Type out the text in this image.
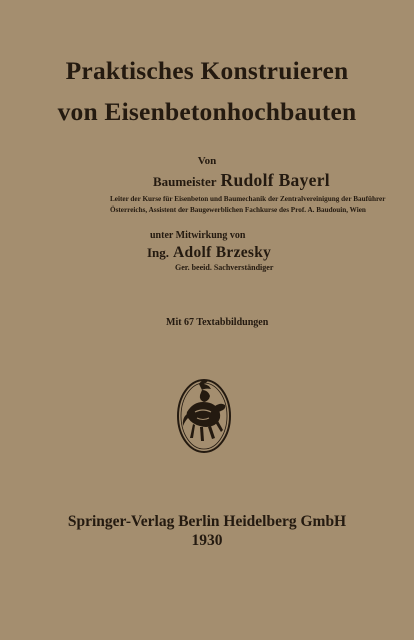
Praktisches Konstruieren
von Eisenbetonhochbauten
Von
Baumeister Rudolf Bayerl
Leiter der Kurse für Eisenbeton und Baumechanik der Zentralvereinigung der Bauführer
Österreichs, Assistent der Baugewerblichen Fachkurse des Prof. A. Baudouin, Wien
unter Mitwirkung von
Ing. Adolf Brzesky
Ger. beeid. Sachverständiger
Mit 67 Textabbildungen
Springer-Verlag Berlin Heidelberg GmbH
1930
